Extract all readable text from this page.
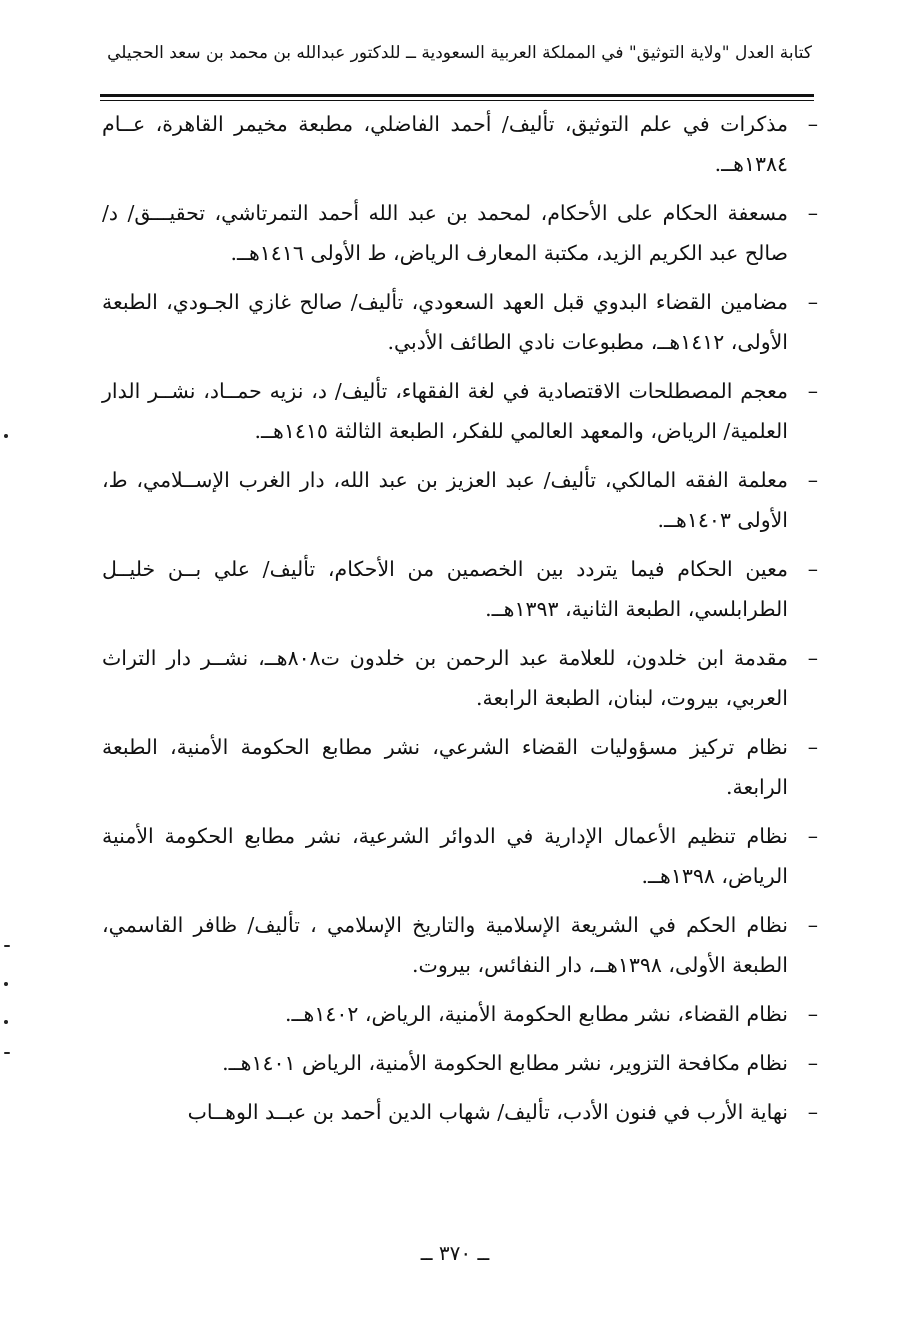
كتابة العدل "ولاية التوثيق" في المملكة العربية السعودية ــ للدكتور عبدالله بن محمد بن سعد الحجيلي
–
مذكرات في علم التوثيق، تأليف/ أحمد الفاضلي، مطبعة مخيمر القاهرة، عــام ١٣٨٤هــ.
–
مسعفة الحكام على الأحكام، لمحمد بن عبد الله أحمد التمرتاشي، تحقيـــق/ د/ صالح عبد الكريم الزيد، مكتبة المعارف الرياض، ط الأولى ١٤١٦هــ.
–
مضامين القضاء البدوي قبل العهد السعودي، تأليف/ صالح غازي الجـودي، الطبعة الأولى، ١٤١٢هــ، مطبوعات نادي الطائف الأدبي.
–
معجم المصطلحات الاقتصادية في لغة الفقهاء، تأليف/ د، نزيه حمــاد، نشــر الدار العلمية/ الرياض، والمعهد العالمي للفكر، الطبعة الثالثة ١٤١٥هــ.
–
معلمة الفقه المالكي، تأليف/ عبد العزيز بن عبد الله، دار الغرب الإســلامي، ط، الأولى ١٤٠٣هــ.
–
معين الحكام فيما يتردد بين الخصمين من الأحكام، تأليف/ علي بــن خليــل الطرابلسي، الطبعة الثانية، ١٣٩٣هــ.
–
مقدمة ابن خلدون، للعلامة عبد الرحمن بن خلدون ت٨٠٨هــ، نشــر دار التراث العربي، بيروت، لبنان، الطبعة الرابعة.
–
نظام تركيز مسؤوليات القضاء الشرعي، نشر مطابع الحكومة الأمنية، الطبعة الرابعة.
–
نظام تنظيم الأعمال الإدارية في الدوائر الشرعية، نشر مطابع الحكومة الأمنية الرياض، ١٣٩٨هــ.
–
نظام الحكم في الشريعة الإسلامية والتاريخ الإسلامي ، تأليف/ ظافر القاسمي، الطبعة الأولى، ١٣٩٨هــ، دار النفائس، بيروت.
–
نظام القضاء، نشر مطابع الحكومة الأمنية، الرياض، ١٤٠٢هــ.
–
نظام مكافحة التزوير، نشر مطابع الحكومة الأمنية، الرياض ١٤٠١هــ.
–
نهاية الأرب في فنون الأدب، تأليف/ شهاب الدين أحمد بن عبــد الوهــاب
ــ ٣٧٠ ــ
